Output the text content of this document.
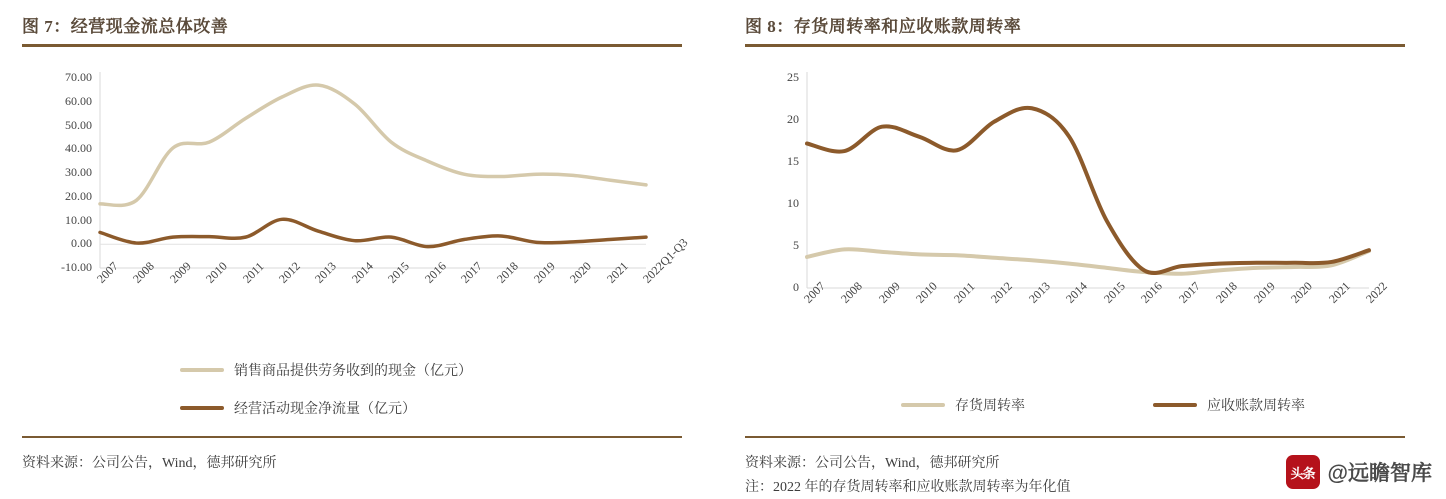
图 7：经营现金流总体改善
-10.00
0.00
10.00
20.00
30.00
40.00
50.00
60.00
70.00
2007 2008 2009 2010 2011 2012 2013 2014 2015 2016 2017 2018 2019 2020 2021 2022Q1-Q3
销售商品提供劳务收到的现金（亿元）
经营活动现金净流量（亿元）
资料来源：公司公告，Wind，德邦研究所
图 8：存货周转率和应收账款周转率
0
5
10
15
20
25
2007 2008 2009 2010 2011 2012 2013 2014 2015 2016 2017 2018 2019 2020 2021 2022
存货周转率	应收账款周转率
资料来源：公司公告，Wind，德邦研究所
注：2022 年的存货周转率和应收账款周转率为年化值
头条 @远瞻智库
